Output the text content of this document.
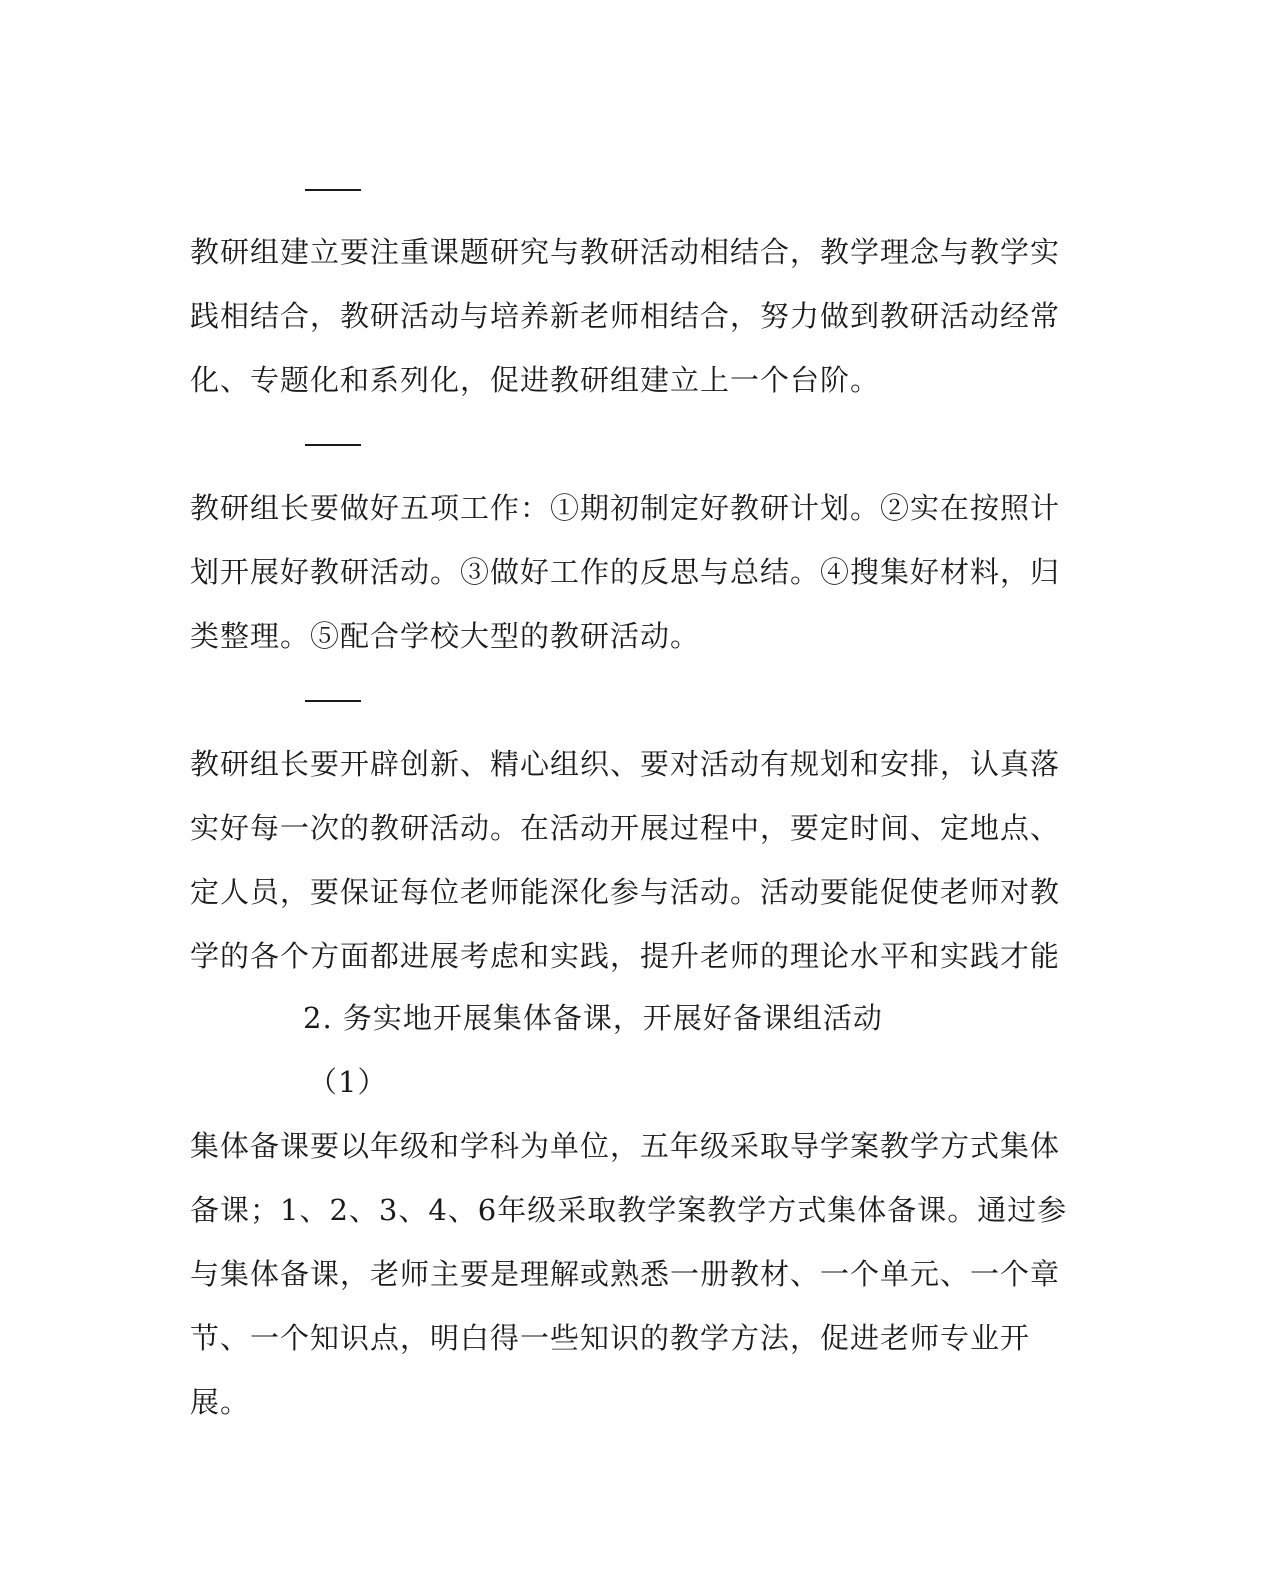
教研组建立要注重课题研究与教研活动相结合，教学理念与教学实践相结合，教研活动与培养新老师相结合，努力做到教研活动经常化、专题化和系列化，促进教研组建立上一个台阶。

教研组长要做好五项工作：①期初制定好教研计划。②实在按照计划开展好教研活动。③做好工作的反思与总结。④搜集好材料，归类整理。⑤配合学校大型的教研活动。

教研组长要开辟创新、精心组织、要对活动有规划和安排，认真落实好每一次的教研活动。在活动开展过程中，要定时间、定地点、定人员，要保证每位老师能深化参与活动。活动要能促使老师对教学的各个方面都进展考虑和实践，提升老师的理论水平和实践才能

2. 务实地开展集体备课，开展好备课组活动

（1）

集体备课要以年级和学科为单位，五年级采取导学案教学方式集体备课；1、2、3、4、6年级采取教学案教学方式集体备课。通过参与集体备课，老师主要是理解或熟悉一册教材、一个单元、一个章节、一个知识点，明白得一些知识的教学方法，促进老师专业开展。
